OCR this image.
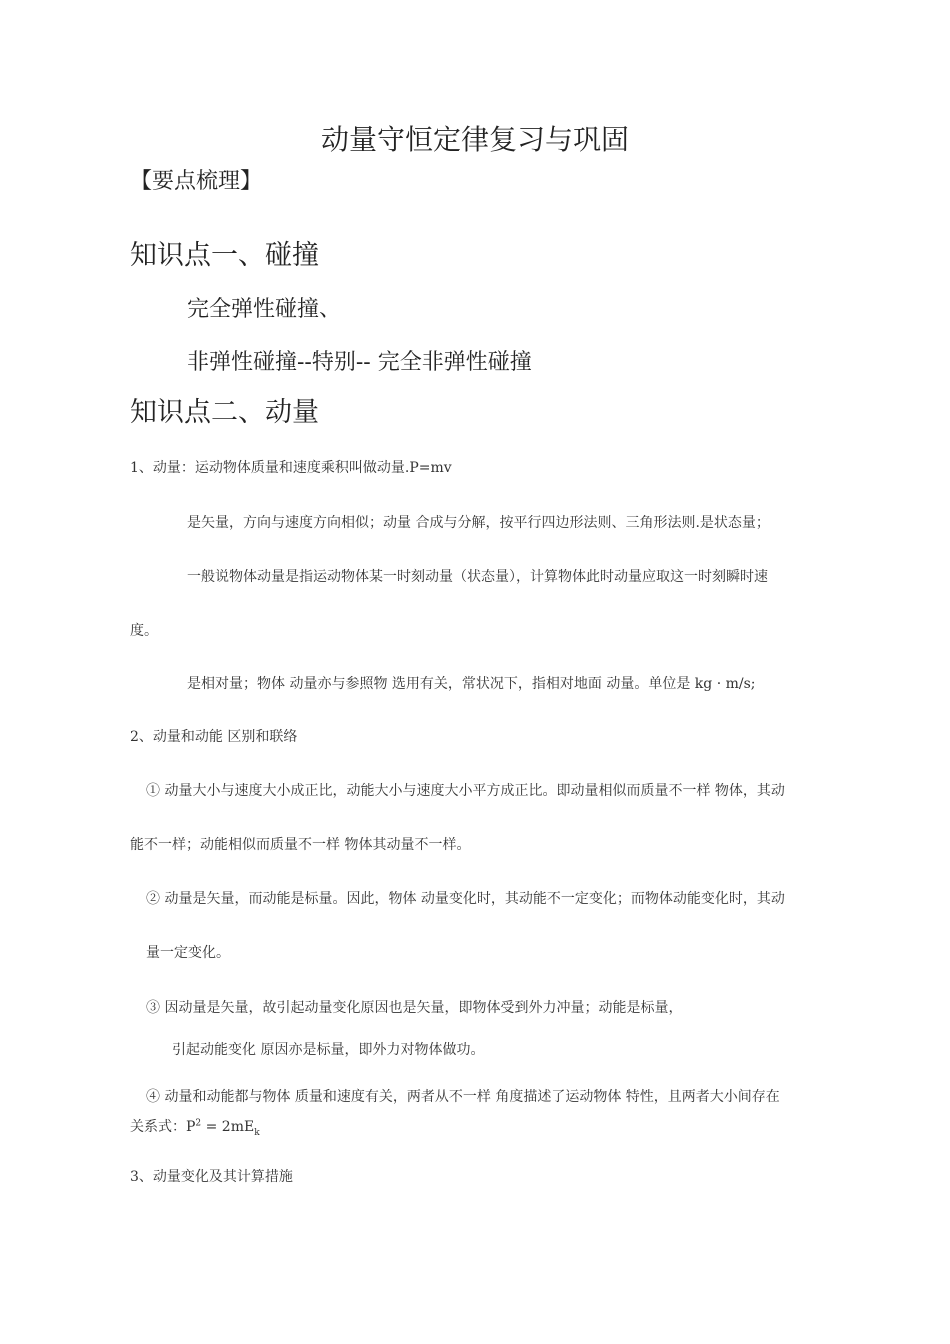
动量守恒定律复习与巩固
【要点梳理】
知识点一、碰撞
完全弹性碰撞、
非弹性碰撞--特别-- 完全非弹性碰撞
知识点二、动量
1、动量：运动物体质量和速度乘积叫做动量.P=mv
是矢量，方向与速度方向相似；动量 合成与分解，按平行四边形法则、三角形法则.是状态量；
一般说物体动量是指运动物体某一时刻动量（状态量），计算物体此时动量应取这一时刻瞬时速
度。
是相对量；物体 动量亦与参照物 选用有关，常状况下，指相对地面 动量。单位是 kg · m/s;
2、动量和动能 区别和联络
① 动量大小与速度大小成正比，动能大小与速度大小平方成正比。即动量相似而质量不一样 物体，其动
能不一样；动能相似而质量不一样 物体其动量不一样。
② 动量是矢量，而动能是标量。因此，物体 动量变化时，其动能不一定变化；而物体动能变化时，其动
量一定变化。
③ 因动量是矢量，故引起动量变化原因也是矢量，即物体受到外力冲量；动能是标量，
引起动能变化 原因亦是标量，即外力对物体做功。
④ 动量和动能都与物体 质量和速度有关，两者从不一样 角度描述了运动物体 特性，且两者大小间存在
关系式：$P^2 = 2mE_k$
3、动量变化及其计算措施
